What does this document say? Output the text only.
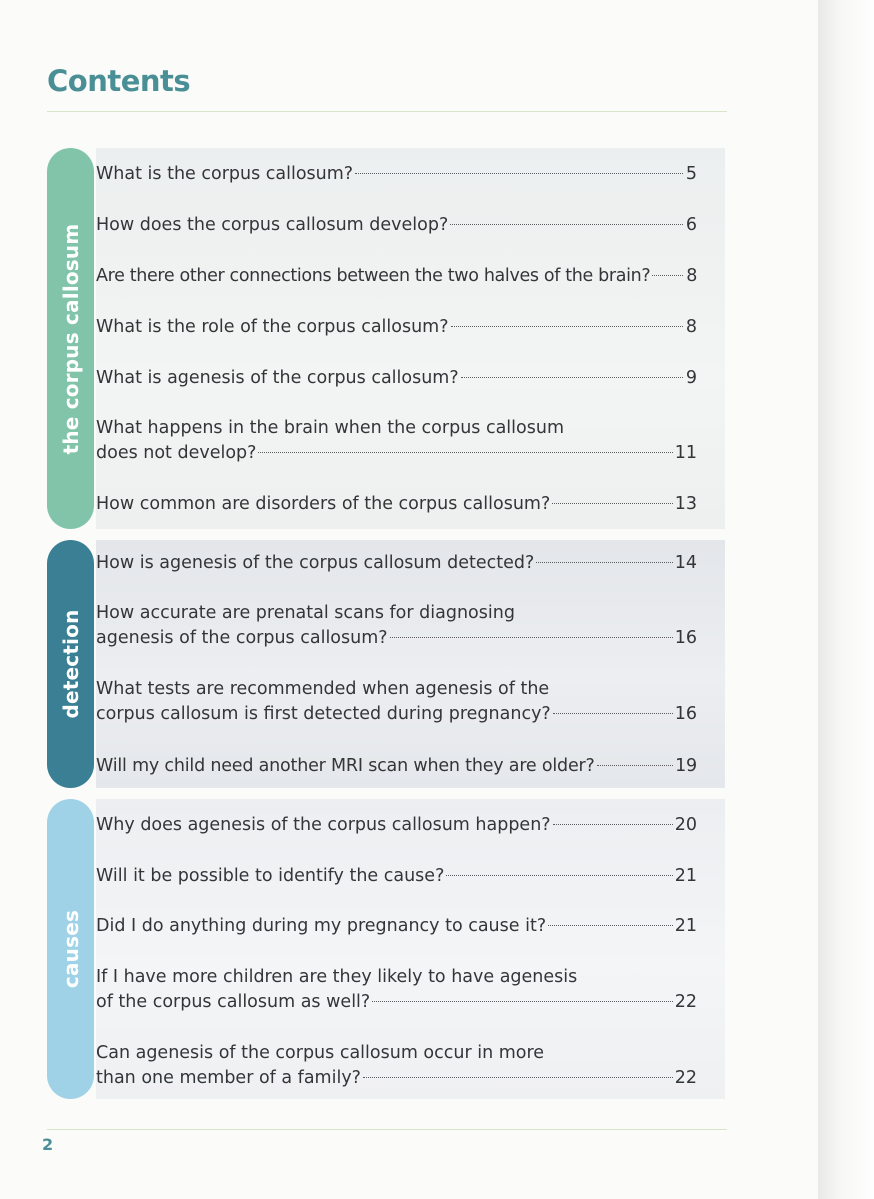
Contents
the corpus callosum
What is the corpus callosum?	5
How does the corpus callosum develop?	6
Are there other connections between the two halves of the brain? 8
What is the role of the corpus callosum?	8
What is agenesis of the corpus callosum?	9
What happens in the brain when the corpus callosum
does not develop?	11
How common are disorders of the corpus callosum?	13
detection
How is agenesis of the corpus callosum detected?	14
How accurate are prenatal scans for diagnosing
agenesis of the corpus callosum?	16
What tests are recommended when agenesis of the
corpus callosum is first detected during pregnancy?	16
Will my child need another MRI scan when they are older?	19
causes
Why does agenesis of the corpus callosum happen?	20
Will it be possible to identify the cause?	21
Did I do anything during my pregnancy to cause it?	21
If I have more children are they likely to have agenesis
of the corpus callosum as well?	22
Can agenesis of the corpus callosum occur in more
than one member of a family?	22
2
